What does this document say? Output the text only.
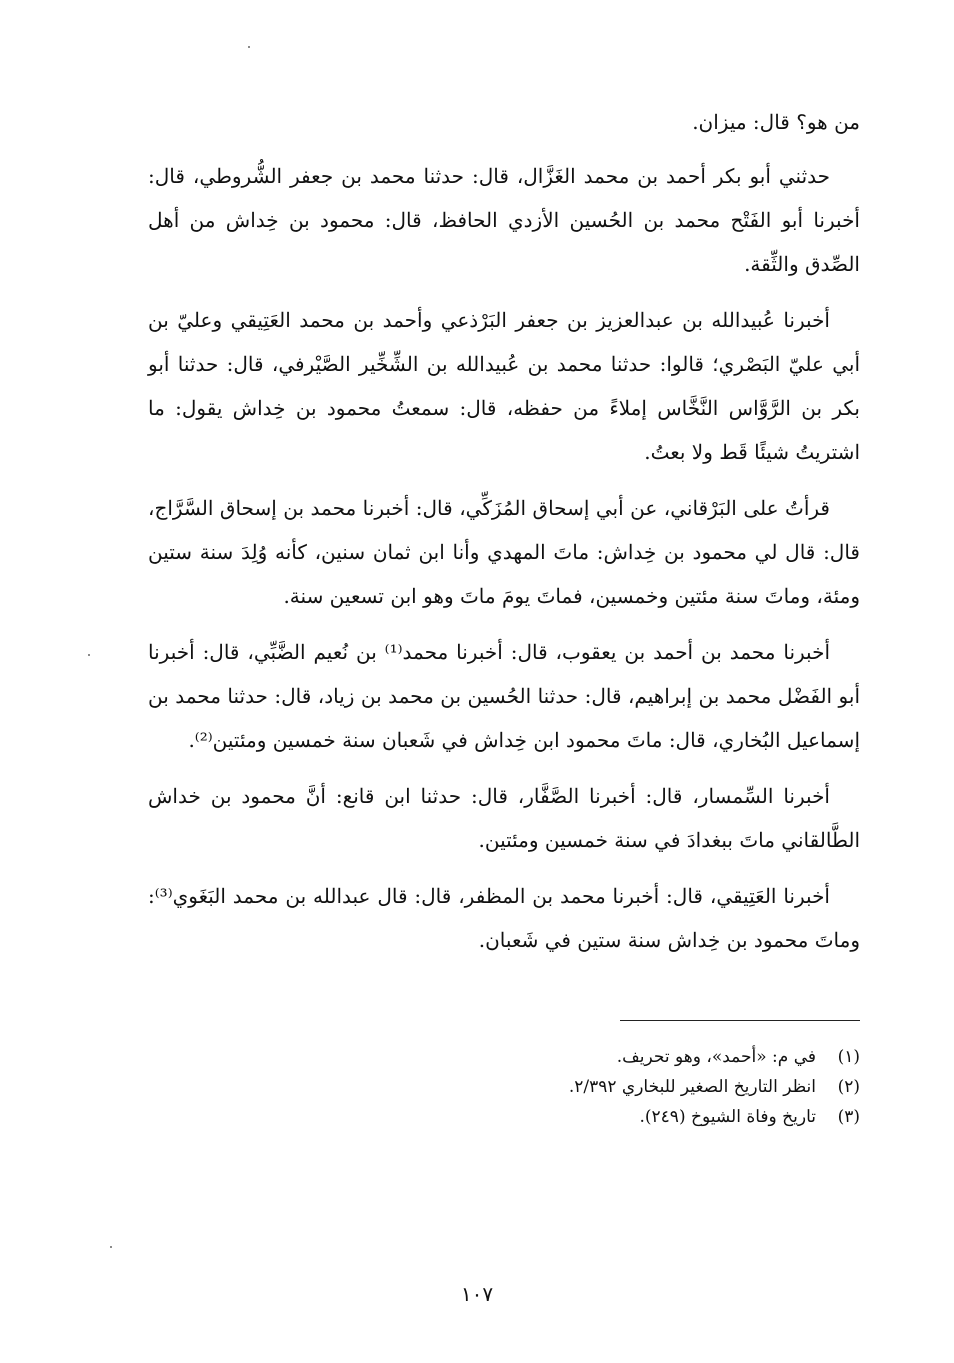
من هو؟ قال: ميزان.

حدثني أبو بكر أحمد بن محمد الغَزَّال، قال: حدثنا محمد بن جعفر الشُّروطي، قال: أخبرنا أبو الفَتْح محمد بن الحُسين الأزدي الحافظ، قال: محمود بن خِداش من أهل الصِّدق والثِّقة.

أخبرنا عُبيدالله بن عبدالعزيز بن جعفر البَرْذعي وأحمد بن محمد العَتِيقي وعليّ بن أبي عليّ البَصْري؛ قالوا: حدثنا محمد بن عُبيدالله بن الشِّخِّير الصَّيْرفي، قال: حدثنا أبو بكر بن الرَّوَّاس النَّخَّاس إملاءً من حفظه، قال: سمعتُ محمود بن خِداش يقول: ما اشتريتُ شيئًا قَط ولا بعتُ.

قرأتُ على البَرْقاني، عن أبي إسحاق المُزَكِّي، قال: أخبرنا محمد بن إسحاق السَّرَّاج، قال: قال لي محمود بن خِداش: ماتَ المهدي وأنا ابن ثمان سنين، كأنه وُلِدَ سنة ستين ومئة، وماتَ سنة مئتين وخمسين، فماتَ يومَ ماتَ وهو ابن تسعين سنة.

أخبرنا محمد بن أحمد بن يعقوب، قال: أخبرنا محمد⁽¹⁾ بن نُعيم الضَّبِّي، قال: أخبرنا أبو الفَضْل محمد بن إبراهيم، قال: حدثنا الحُسين بن محمد بن زياد، قال: حدثنا محمد بن إسماعيل البُخاري، قال: ماتَ محمود ابن خِداش في شَعبان سنة خمسين ومئتين⁽²⁾.

أخبرنا السِّمسار، قال: أخبرنا الصَّفَّار، قال: حدثنا ابن قانع: أنَّ محمود بن خداش الطَّالقاني ماتَ ببغدادَ في سنة خمسين ومئتين.

أخبرنا العَتِيقي، قال: أخبرنا محمد بن المظفر، قال: قال عبدالله بن محمد البَغَوي⁽³⁾: وماتَ محمود بن خِداش سنة ستين في شَعبان.

(١)
في م: «أحمد»، وهو تحريف.
(٢)
انظر التاريخ الصغير للبخاري ٢/٣٩٢.
(٣)
تاريخ وفاة الشيوخ (٢٤٩).
١٠٧
